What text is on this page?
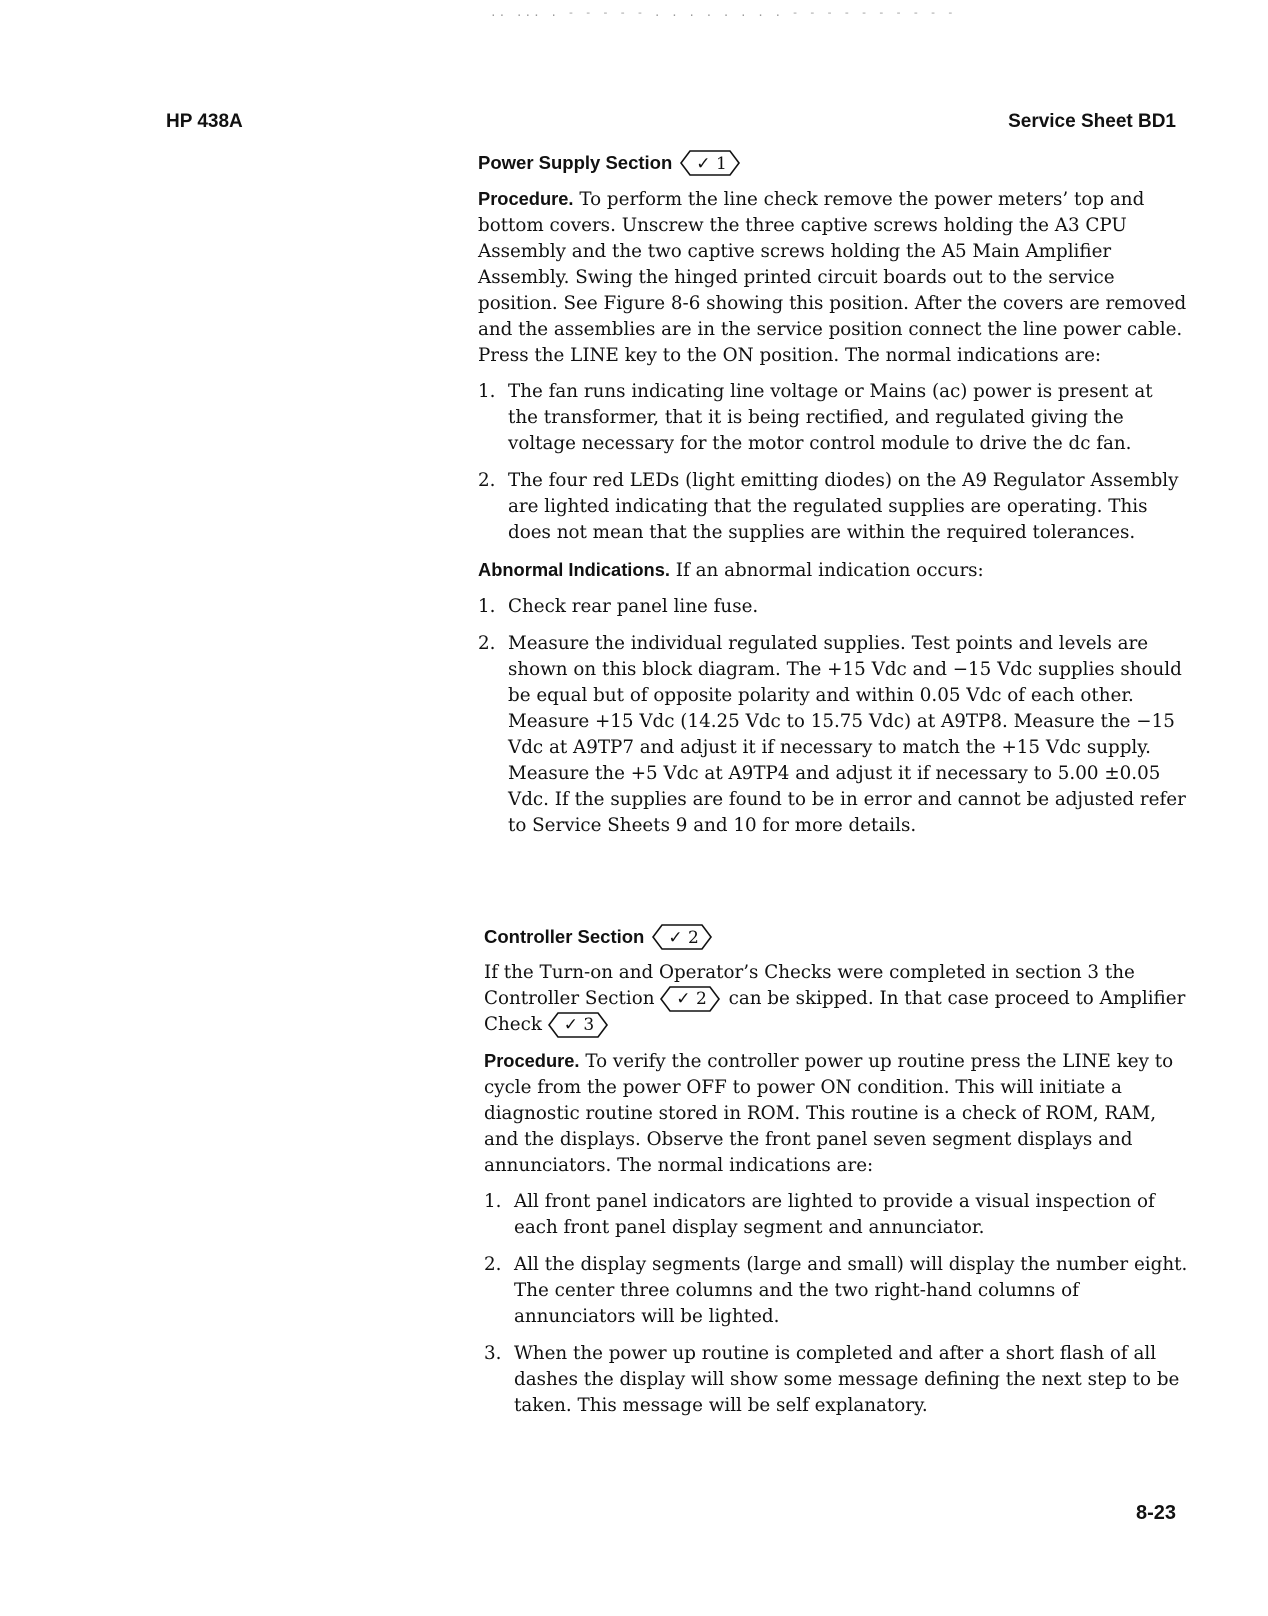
.. ... . - - - - - . . . . . . . . - - - - - - - - - -
HP 438A	Service Sheet BD1
Power Supply Section	✓ 1

Procedure. To perform the line check remove the power meters’ top and bottom covers. Unscrew the three captive screws holding the A3 CPU Assembly and the two captive screws holding the A5 Main Amplifier Assembly. Swing the hinged printed circuit boards out to the service position. See Figure 8-6 showing this position. After the covers are removed and the assemblies are in the service position connect the line power cable. Press the LINE key to the ON position. The normal indications are:

1. The fan runs indicating line voltage or Mains (ac) power is present at the transformer, that it is being rectified, and regulated giving the voltage necessary for the motor control module to drive the dc fan.
2. The four red LEDs (light emitting diodes) on the A9 Regulator Assembly are lighted indicating that the regulated supplies are operating. This does not mean that the supplies are within the required tolerances.

Abnormal Indications. If an abnormal indication occurs:

1. Check rear panel line fuse.
2. Measure the individual regulated supplies. Test points and levels are shown on this block diagram. The +15 Vdc and −15 Vdc supplies should be equal but of opposite polarity and within 0.05 Vdc of each other. Measure +15 Vdc (14.25 Vdc to 15.75 Vdc) at A9TP8. Measure the −15 Vdc at A9TP7 and adjust it if necessary to match the +15 Vdc supply. Measure the +5 Vdc at A9TP4 and adjust it if necessary to 5.00 ±0.05 Vdc. If the supplies are found to be in error and cannot be adjusted refer to Service Sheets 9 and 10 for more details.
Controller Section	✓ 2

If the Turn-on and Operator’s Checks were completed in section 3 the Controller Section ✓ 2 can be skipped. In that case proceed to Amplifier Check ✓ 3

Procedure. To verify the controller power up routine press the LINE key to cycle from the power OFF to power ON condition. This will initiate a diagnostic routine stored in ROM. This routine is a check of ROM, RAM, and the displays. Observe the front panel seven segment displays and annunciators. The normal indications are:

1. All front panel indicators are lighted to provide a visual inspection of each front panel display segment and annunciator.
2. All the display segments (large and small) will display the number eight. The center three columns and the two right-hand columns of annunciators will be lighted.
3. When the power up routine is completed and after a short flash of all dashes the display will show some message defining the next step to be taken. This message will be self explanatory.
8-23
